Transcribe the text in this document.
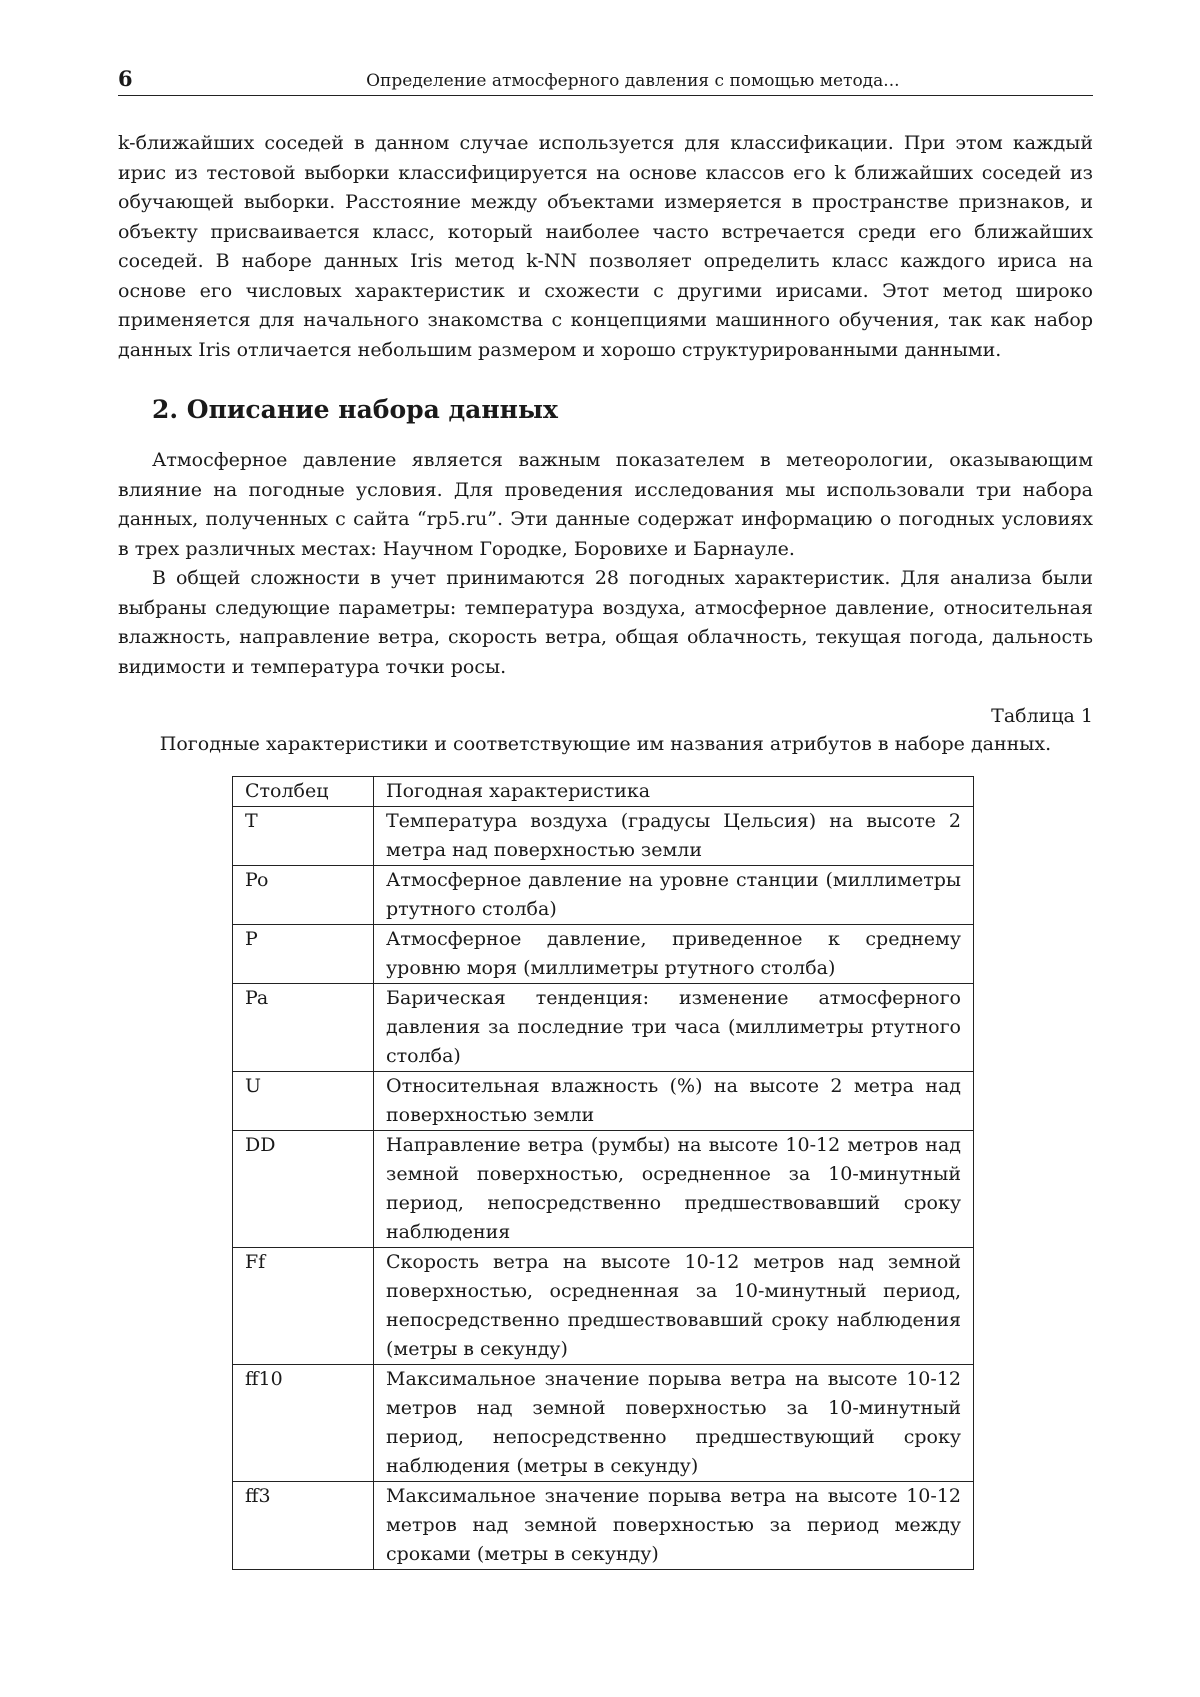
6	Определение атмосферного давления с помощью метода...

k-ближайших соседей в данном случае используется для классификации. При этом каждый ирис из тестовой выборки классифицируется на основе классов его k ближайших соседей из обучающей выборки. Расстояние между объектами измеряется в пространстве признаков, и объекту присваивается класс, который наиболее часто встречается среди его ближайших соседей. В наборе данных Iris метод k-NN позволяет определить класс каждого ириса на основе его числовых характеристик и схожести с другими ирисами. Этот метод широко применяется для начального знакомства с концепциями машинного обучения, так как набор данных Iris отличается небольшим размером и хорошо структурированными данными.

2. Описание набора данных

Атмосферное давление является важным показателем в метеорологии, оказывающим влияние на погодные условия. Для проведения исследования мы использовали три набора данных, полученных с сайта “rp5.ru”. Эти данные содержат информацию о погодных условиях в трех различных местах: Научном Городке, Боровихе и Барнауле.

В общей сложности в учет принимаются 28 погодных характеристик. Для анализа были выбраны следующие параметры: температура воздуха, атмосферное давление, относительная влажность, направление ветра, скорость ветра, общая облачность, текущая погода, дальность видимости и температура точки росы.

Таблица 1
Погодные характеристики и соответствующие им названия атрибутов в наборе данных.
Столбец	Погодная характеристика
T	Температура воздуха (градусы Цельсия) на высоте 2 метра над поверхностью земли
Po	Атмосферное давление на уровне станции (миллиметры ртутного столба)
P	Атмосферное давление, приведенное к среднему уровню моря (миллиметры ртутного столба)
Pa	Барическая тенденция: изменение атмосферного давления за последние три часа (миллиметры ртутного столба)
U	Относительная влажность (%) на высоте 2 метра над поверхностью земли
DD	Направление ветра (румбы) на высоте 10-12 метров над земной поверхностью, осредненное за 10-минутный период, непосредственно предшествовавший сроку наблюдения
Ff	Скорость ветра на высоте 10-12 метров над земной поверхностью, осредненная за 10-минутный период, непосредственно предшествовавший сроку наблюдения (метры в секунду)
ff10	Максимальное значение порыва ветра на высоте 10-12 метров над земной поверхностью за 10-минутный период, непосредственно предшествующий сроку наблюдения (метры в секунду)
ff3	Максимальное значение порыва ветра на высоте 10-12 метров над земной поверхностью за период между сроками (метры в секунду)
